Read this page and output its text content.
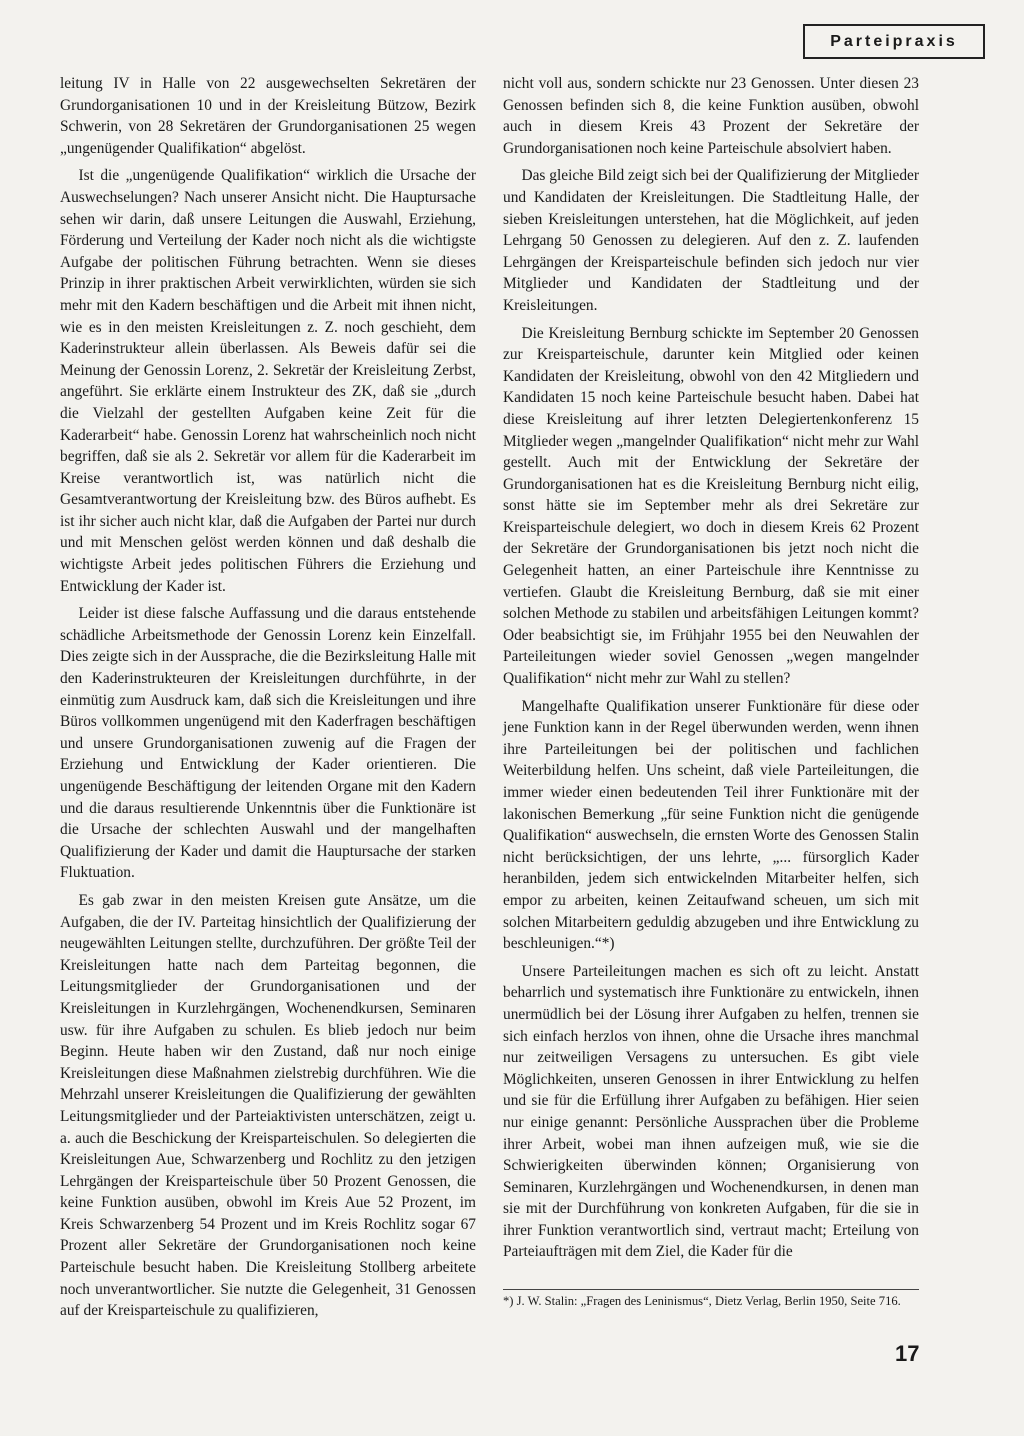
Parteipraxis

leitung IV in Halle von 22 ausgewechselten Sekretären der Grundorganisationen 10 und in der Kreisleitung Bützow, Bezirk Schwerin, von 28 Sekretären der Grundorganisationen 25 wegen „ungenügender Qualifikation“ abgelöst.

Ist die „ungenügende Qualifikation“ wirklich die Ursache der Auswechselungen? Nach unserer Ansicht nicht. Die Hauptursache sehen wir darin, daß unsere Leitungen die Auswahl, Erziehung, Förderung und Verteilung der Kader noch nicht als die wichtigste Aufgabe der politischen Führung betrachten. Wenn sie dieses Prinzip in ihrer praktischen Arbeit verwirklichten, würden sie sich mehr mit den Kadern beschäftigen und die Arbeit mit ihnen nicht, wie es in den meisten Kreisleitungen z. Z. noch geschieht, dem Kaderinstrukteur allein überlassen. Als Beweis dafür sei die Meinung der Genossin Lorenz, 2. Sekretär der Kreisleitung Zerbst, angeführt. Sie erklärte einem Instrukteur des ZK, daß sie „durch die Vielzahl der gestellten Aufgaben keine Zeit für die Kaderarbeit“ habe. Genossin Lorenz hat wahrscheinlich noch nicht begriffen, daß sie als 2. Sekretär vor allem für die Kaderarbeit im Kreise verantwortlich ist, was natürlich nicht die Gesamtverantwortung der Kreisleitung bzw. des Büros aufhebt. Es ist ihr sicher auch nicht klar, daß die Aufgaben der Partei nur durch und mit Menschen gelöst werden können und daß deshalb die wichtigste Arbeit jedes politischen Führers die Erziehung und Entwicklung der Kader ist.

Leider ist diese falsche Auffassung und die daraus entstehende schädliche Arbeitsmethode der Genossin Lorenz kein Einzelfall. Dies zeigte sich in der Aussprache, die die Bezirksleitung Halle mit den Kaderinstrukteuren der Kreisleitungen durchführte, in der einmütig zum Ausdruck kam, daß sich die Kreisleitungen und ihre Büros vollkommen ungenügend mit den Kaderfragen beschäftigen und unsere Grundorganisationen zuwenig auf die Fragen der Erziehung und Entwicklung der Kader orientieren. Die ungenügende Beschäftigung der leitenden Organe mit den Kadern und die daraus resultierende Unkenntnis über die Funktionäre ist die Ursache der schlechten Auswahl und der mangelhaften Qualifizierung der Kader und damit die Hauptursache der starken Fluktuation.

Es gab zwar in den meisten Kreisen gute Ansätze, um die Aufgaben, die der IV. Parteitag hinsichtlich der Qualifizierung der neugewählten Leitungen stellte, durchzuführen. Der größte Teil der Kreisleitungen hatte nach dem Parteitag begonnen, die Leitungsmitglieder der Grundorganisationen und der Kreisleitungen in Kurzlehrgängen, Wochenendkursen, Seminaren usw. für ihre Aufgaben zu schulen. Es blieb jedoch nur beim Beginn. Heute haben wir den Zustand, daß nur noch einige Kreisleitungen diese Maßnahmen zielstrebig durchführen. Wie die Mehrzahl unserer Kreisleitungen die Qualifizierung der gewählten Leitungsmitglieder und der Parteiaktivisten unterschätzen, zeigt u. a. auch die Beschickung der Kreisparteischulen. So delegierten die Kreisleitungen Aue, Schwarzenberg und Rochlitz zu den jetzigen Lehrgängen der Kreisparteischule über 50 Prozent Genossen, die keine Funktion ausüben, obwohl im Kreis Aue 52 Prozent, im Kreis Schwarzenberg 54 Prozent und im Kreis Rochlitz sogar 67 Prozent aller Sekretäre der Grundorganisationen noch keine Parteischule besucht haben. Die Kreisleitung Stollberg arbeitete noch unverantwortlicher. Sie nutzte die Gelegenheit, 31 Genossen auf der Kreisparteischule zu qualifizieren,

nicht voll aus, sondern schickte nur 23 Genossen. Unter diesen 23 Genossen befinden sich 8, die keine Funktion ausüben, obwohl auch in diesem Kreis 43 Prozent der Sekretäre der Grundorganisationen noch keine Parteischule absolviert haben.

Das gleiche Bild zeigt sich bei der Qualifizierung der Mitglieder und Kandidaten der Kreisleitungen. Die Stadtleitung Halle, der sieben Kreisleitungen unterstehen, hat die Möglichkeit, auf jeden Lehrgang 50 Genossen zu delegieren. Auf den z. Z. laufenden Lehrgängen der Kreisparteischule befinden sich jedoch nur vier Mitglieder und Kandidaten der Stadtleitung und der Kreisleitungen.

Die Kreisleitung Bernburg schickte im September 20 Genossen zur Kreisparteischule, darunter kein Mitglied oder keinen Kandidaten der Kreisleitung, obwohl von den 42 Mitgliedern und Kandidaten 15 noch keine Parteischule besucht haben. Dabei hat diese Kreisleitung auf ihrer letzten Delegiertenkonferenz 15 Mitglieder wegen „mangelnder Qualifikation“ nicht mehr zur Wahl gestellt. Auch mit der Entwicklung der Sekretäre der Grundorganisationen hat es die Kreisleitung Bernburg nicht eilig, sonst hätte sie im September mehr als drei Sekretäre zur Kreisparteischule delegiert, wo doch in diesem Kreis 62 Prozent der Sekretäre der Grundorganisationen bis jetzt noch nicht die Gelegenheit hatten, an einer Parteischule ihre Kenntnisse zu vertiefen. Glaubt die Kreisleitung Bernburg, daß sie mit einer solchen Methode zu stabilen und arbeitsfähigen Leitungen kommt? Oder beabsichtigt sie, im Frühjahr 1955 bei den Neuwahlen der Parteileitungen wieder soviel Genossen „wegen mangelnder Qualifikation“ nicht mehr zur Wahl zu stellen?

Mangelhafte Qualifikation unserer Funktionäre für diese oder jene Funktion kann in der Regel überwunden werden, wenn ihnen ihre Parteileitungen bei der politischen und fachlichen Weiterbildung helfen. Uns scheint, daß viele Parteileitungen, die immer wieder einen bedeutenden Teil ihrer Funktionäre mit der lakonischen Bemerkung „für seine Funktion nicht die genügende Qualifikation“ auswechseln, die ernsten Worte des Genossen Stalin nicht berücksichtigen, der uns lehrte, „... fürsorglich Kader heranbilden, jedem sich entwickelnden Mitarbeiter helfen, sich empor zu arbeiten, keinen Zeitaufwand scheuen, um sich mit solchen Mitarbeitern geduldig abzugeben und ihre Entwicklung zu beschleunigen.“*)

Unsere Parteileitungen machen es sich oft zu leicht. Anstatt beharrlich und systematisch ihre Funktionäre zu entwickeln, ihnen unermüdlich bei der Lösung ihrer Aufgaben zu helfen, trennen sie sich einfach herzlos von ihnen, ohne die Ursache ihres manchmal nur zeitweiligen Versagens zu untersuchen. Es gibt viele Möglichkeiten, unseren Genossen in ihrer Entwicklung zu helfen und sie für die Erfüllung ihrer Aufgaben zu befähigen. Hier seien nur einige genannt: Persönliche Aussprachen über die Probleme ihrer Arbeit, wobei man ihnen aufzeigen muß, wie sie die Schwierigkeiten überwinden können; Organisierung von Seminaren, Kurzlehrgängen und Wochenendkursen, in denen man sie mit der Durchführung von konkreten Aufgaben, für die sie in ihrer Funktion verantwortlich sind, vertraut macht; Erteilung von Parteiaufträgen mit dem Ziel, die Kader für die

*) J. W. Stalin: „Fragen des Leninismus“, Dietz Verlag, Berlin 1950, Seite 716.
17
